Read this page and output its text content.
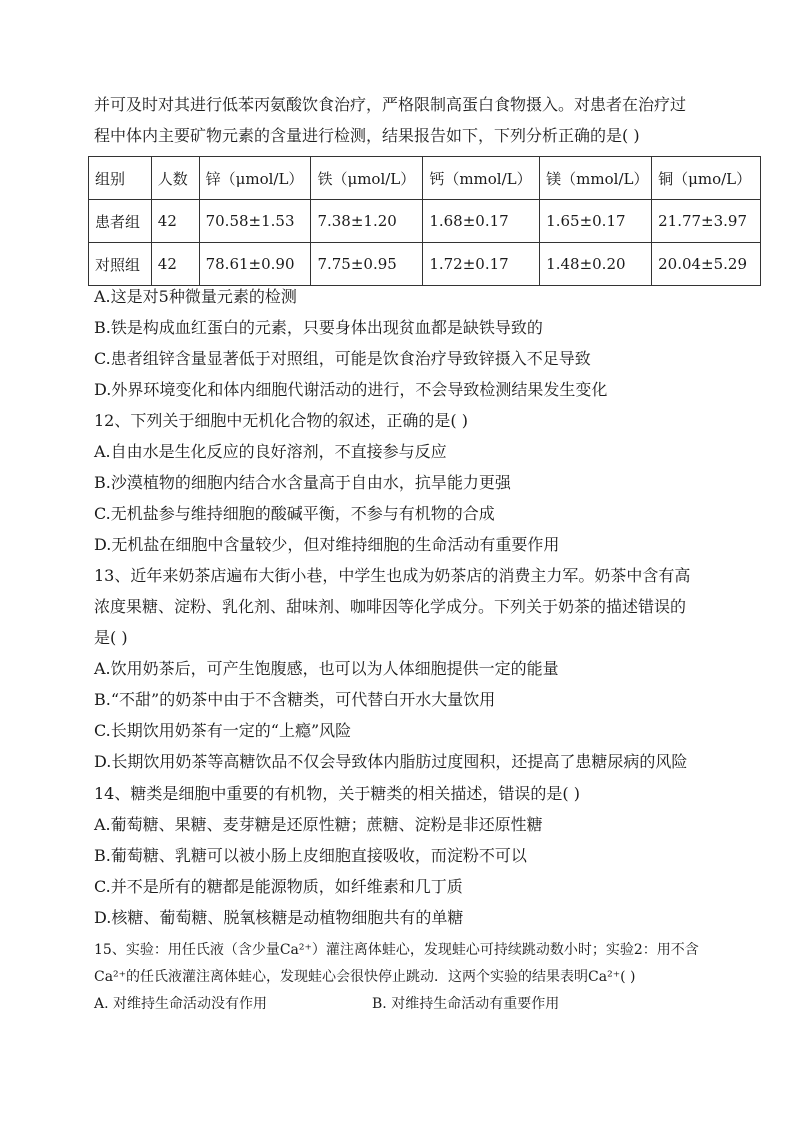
并可及时对其进行低苯丙氨酸饮食治疗，严格限制高蛋白食物摄入。对患者在治疗过
程中体内主要矿物元素的含量进行检测，结果报告如下，下列分析正确的是( )
组别	人数	锌（μmol/L）	铁（μmol/L）	钙（mmol/L）	镁（mmol/L）	铜（μmo/L）
患者组	42	70.58±1.53	7.38±1.20	1.68±0.17	1.65±0.17	21.77±3.97
对照组	42	78.61±0.90	7.75±0.95	1.72±0.17	1.48±0.20	20.04±5.29
A.这是对5种微量元素的检测
B.铁是构成血红蛋白的元素，只要身体出现贫血都是缺铁导致的
C.患者组锌含量显著低于对照组，可能是饮食治疗导致锌摄入不足导致
D.外界环境变化和体内细胞代谢活动的进行，不会导致检测结果发生变化
12、下列关于细胞中无机化合物的叙述，正确的是( )
A.自由水是生化反应的良好溶剂，不直接参与反应
B.沙漠植物的细胞内结合水含量高于自由水，抗旱能力更强
C.无机盐参与维持细胞的酸碱平衡，不参与有机物的合成
D.无机盐在细胞中含量较少，但对维持细胞的生命活动有重要作用
13、近年来奶茶店遍布大街小巷，中学生也成为奶茶店的消费主力军。奶茶中含有高
浓度果糖、淀粉、乳化剂、甜味剂、咖啡因等化学成分。下列关于奶茶的描述错误的
是( )
A.饮用奶茶后，可产生饱腹感，也可以为人体细胞提供一定的能量
B.“不甜”的奶茶中由于不含糖类，可代替白开水大量饮用
C.长期饮用奶茶有一定的“上瘾”风险
D.长期饮用奶茶等高糖饮品不仅会导致体内脂肪过度囤积，还提高了患糖尿病的风险
14、糖类是细胞中重要的有机物，关于糖类的相关描述，错误的是( )
A.葡萄糖、果糖、麦芽糖是还原性糖；蔗糖、淀粉是非还原性糖
B.葡萄糖、乳糖可以被小肠上皮细胞直接吸收，而淀粉不可以
C.并不是所有的糖都是能源物质，如纤维素和几丁质
D.核糖、葡萄糖、脱氧核糖是动植物细胞共有的单糖
15、实验：用任氏液（含少量Ca²⁺）灌注离体蛙心，发现蛙心可持续跳动数小时；实验2：用不含
Ca²⁺的任氏液灌注离体蛙心，发现蛙心会很快停止跳动．这两个实验的结果表明Ca²⁺( )
A. 对维持生命活动没有作用	B. 对维持生命活动有重要作用
